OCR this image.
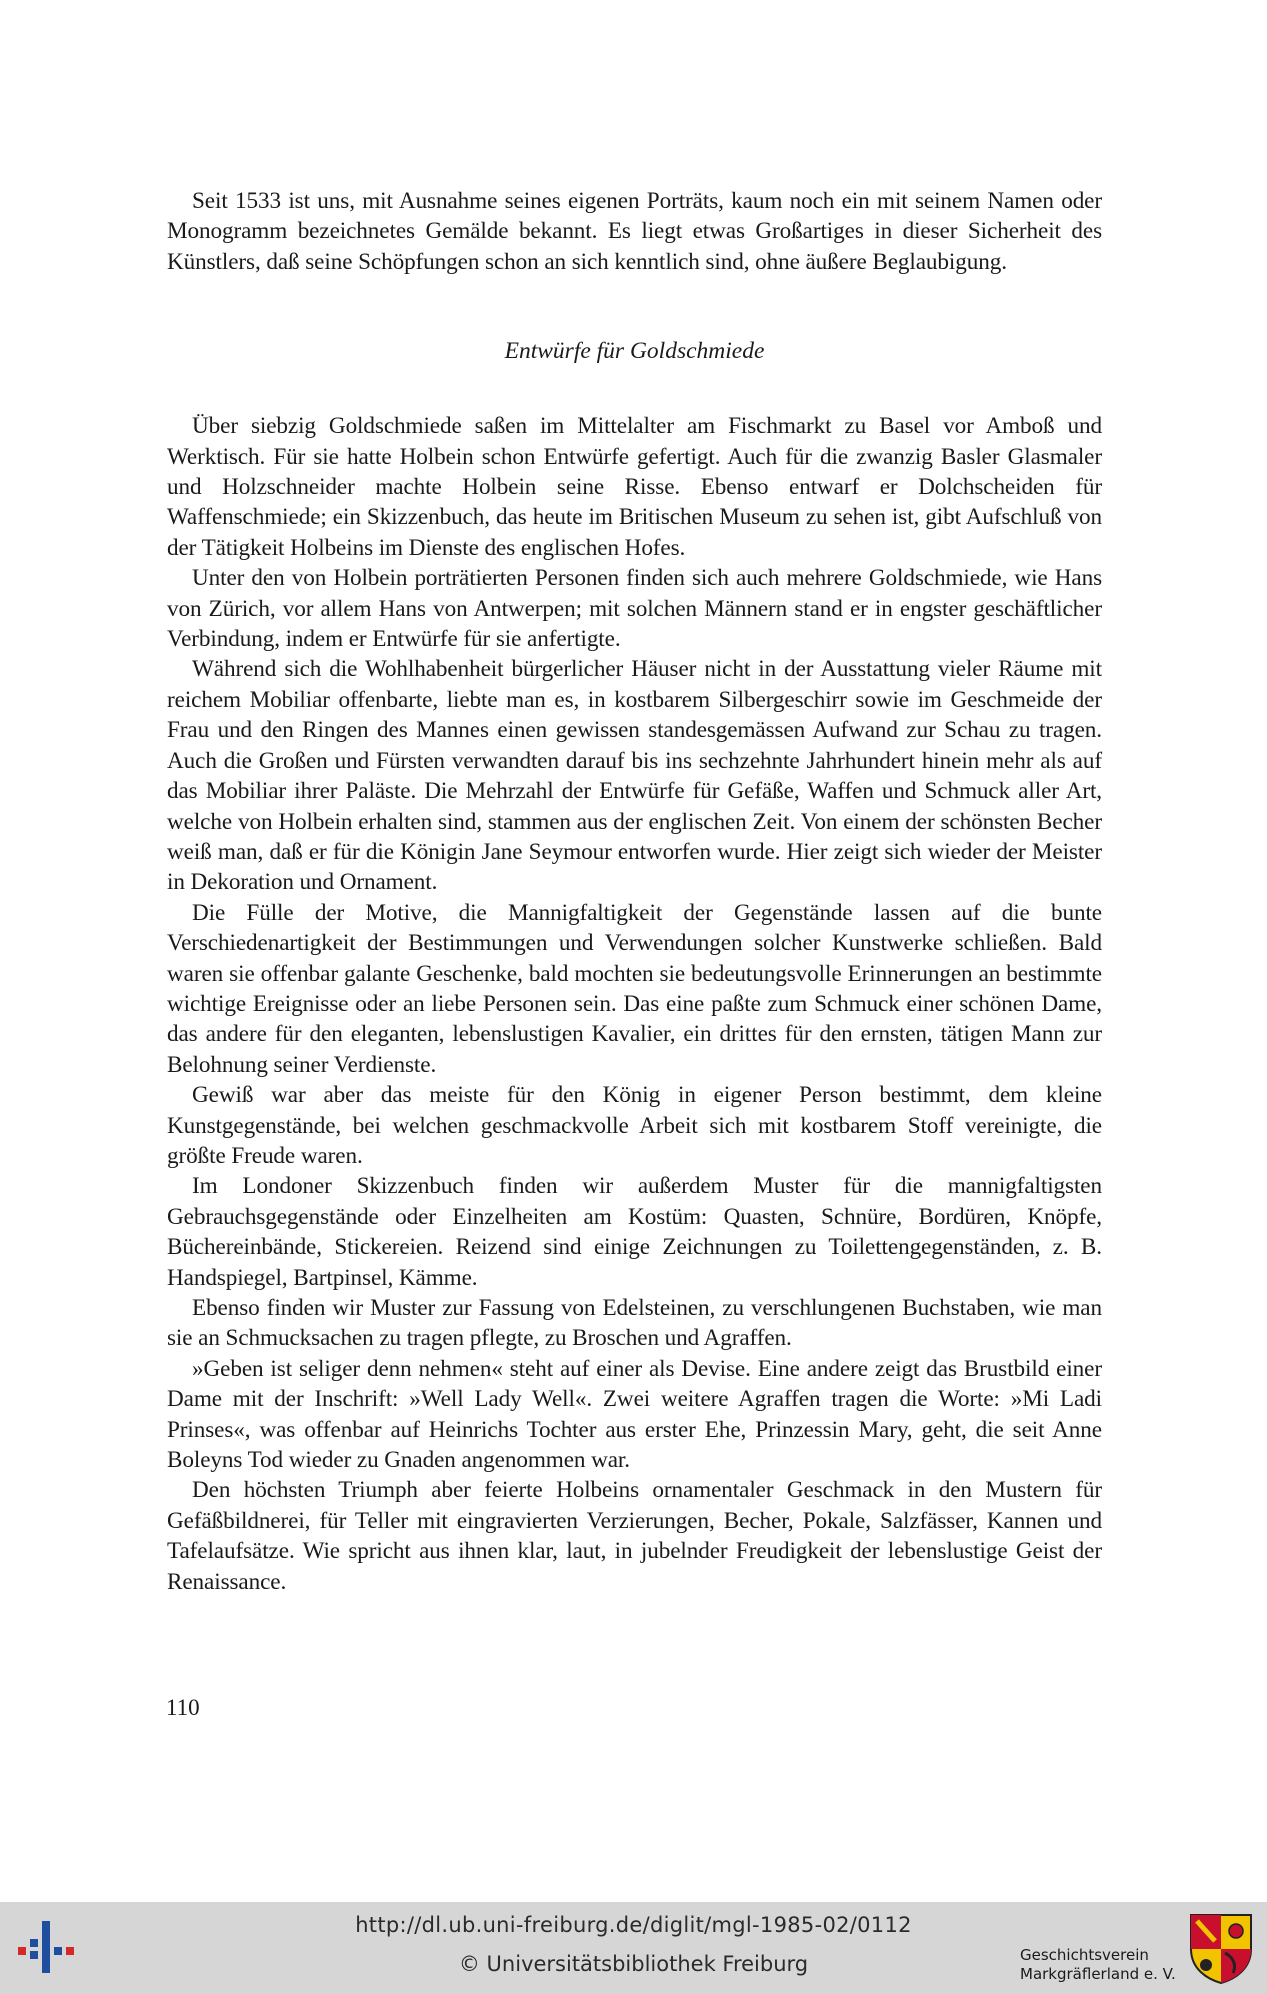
Seit 1533 ist uns, mit Ausnahme seines eigenen Porträts, kaum noch ein mit seinem Namen oder Monogramm bezeichnetes Gemälde bekannt. Es liegt etwas Großartiges in dieser Sicherheit des Künstlers, daß seine Schöpfungen schon an sich kenntlich sind, ohne äußere Beglaubigung.

Entwürfe für Goldschmiede

Über siebzig Goldschmiede saßen im Mittelalter am Fischmarkt zu Basel vor Amboß und Werktisch. Für sie hatte Holbein schon Entwürfe gefertigt. Auch für die zwanzig Basler Glasmaler und Holzschneider machte Holbein seine Risse. Ebenso entwarf er Dolchscheiden für Waffenschmiede; ein Skizzenbuch, das heute im Britischen Museum zu sehen ist, gibt Aufschluß von der Tätigkeit Holbeins im Dienste des englischen Hofes.

Unter den von Holbein porträtierten Personen finden sich auch mehrere Goldschmiede, wie Hans von Zürich, vor allem Hans von Antwerpen; mit solchen Männern stand er in engster geschäftlicher Verbindung, indem er Entwürfe für sie anfertigte.

Während sich die Wohlhabenheit bürgerlicher Häuser nicht in der Ausstattung vieler Räume mit reichem Mobiliar offenbarte, liebte man es, in kostbarem Silbergeschirr sowie im Geschmeide der Frau und den Ringen des Mannes einen gewissen standesgemässen Aufwand zur Schau zu tragen. Auch die Großen und Fürsten verwandten darauf bis ins sechzehnte Jahrhundert hinein mehr als auf das Mobiliar ihrer Paläste. Die Mehrzahl der Entwürfe für Gefäße, Waffen und Schmuck aller Art, welche von Holbein erhalten sind, stammen aus der englischen Zeit. Von einem der schönsten Becher weiß man, daß er für die Königin Jane Seymour entworfen wurde. Hier zeigt sich wieder der Meister in Dekoration und Ornament.

Die Fülle der Motive, die Mannigfaltigkeit der Gegenstände lassen auf die bunte Verschiedenartigkeit der Bestimmungen und Verwendungen solcher Kunstwerke schließen. Bald waren sie offenbar galante Geschenke, bald mochten sie bedeutungsvolle Erinnerungen an bestimmte wichtige Ereignisse oder an liebe Personen sein. Das eine paßte zum Schmuck einer schönen Dame, das andere für den eleganten, lebenslustigen Kavalier, ein drittes für den ernsten, tätigen Mann zur Belohnung seiner Verdienste.

Gewiß war aber das meiste für den König in eigener Person bestimmt, dem kleine Kunstgegenstände, bei welchen geschmackvolle Arbeit sich mit kostbarem Stoff vereinigte, die größte Freude waren.

Im Londoner Skizzenbuch finden wir außerdem Muster für die mannigfaltigsten Gebrauchsgegenstände oder Einzelheiten am Kostüm: Quasten, Schnüre, Bordüren, Knöpfe, Büchereinbände, Stickereien. Reizend sind einige Zeichnungen zu Toilettengegenständen, z. B. Handspiegel, Bartpinsel, Kämme.

Ebenso finden wir Muster zur Fassung von Edelsteinen, zu verschlungenen Buchstaben, wie man sie an Schmucksachen zu tragen pflegte, zu Broschen und Agraffen.

»Geben ist seliger denn nehmen« steht auf einer als Devise. Eine andere zeigt das Brustbild einer Dame mit der Inschrift: »Well Lady Well«. Zwei weitere Agraffen tragen die Worte: »Mi Ladi Prinses«, was offenbar auf Heinrichs Tochter aus erster Ehe, Prinzessin Mary, geht, die seit Anne Boleyns Tod wieder zu Gnaden angenommen war.

Den höchsten Triumph aber feierte Holbeins ornamentaler Geschmack in den Mustern für Gefäßbildnerei, für Teller mit eingravierten Verzierungen, Becher, Pokale, Salzfässer, Kannen und Tafelaufsätze. Wie spricht aus ihnen klar, laut, in jubelnder Freudigkeit der lebenslustige Geist der Renaissance.

110
http://dl.ub.uni-freiburg.de/diglit/mgl-1985-02/0112
© Universitätsbibliothek Freiburg	Geschichtsverein
Markgräflerland e. V.
